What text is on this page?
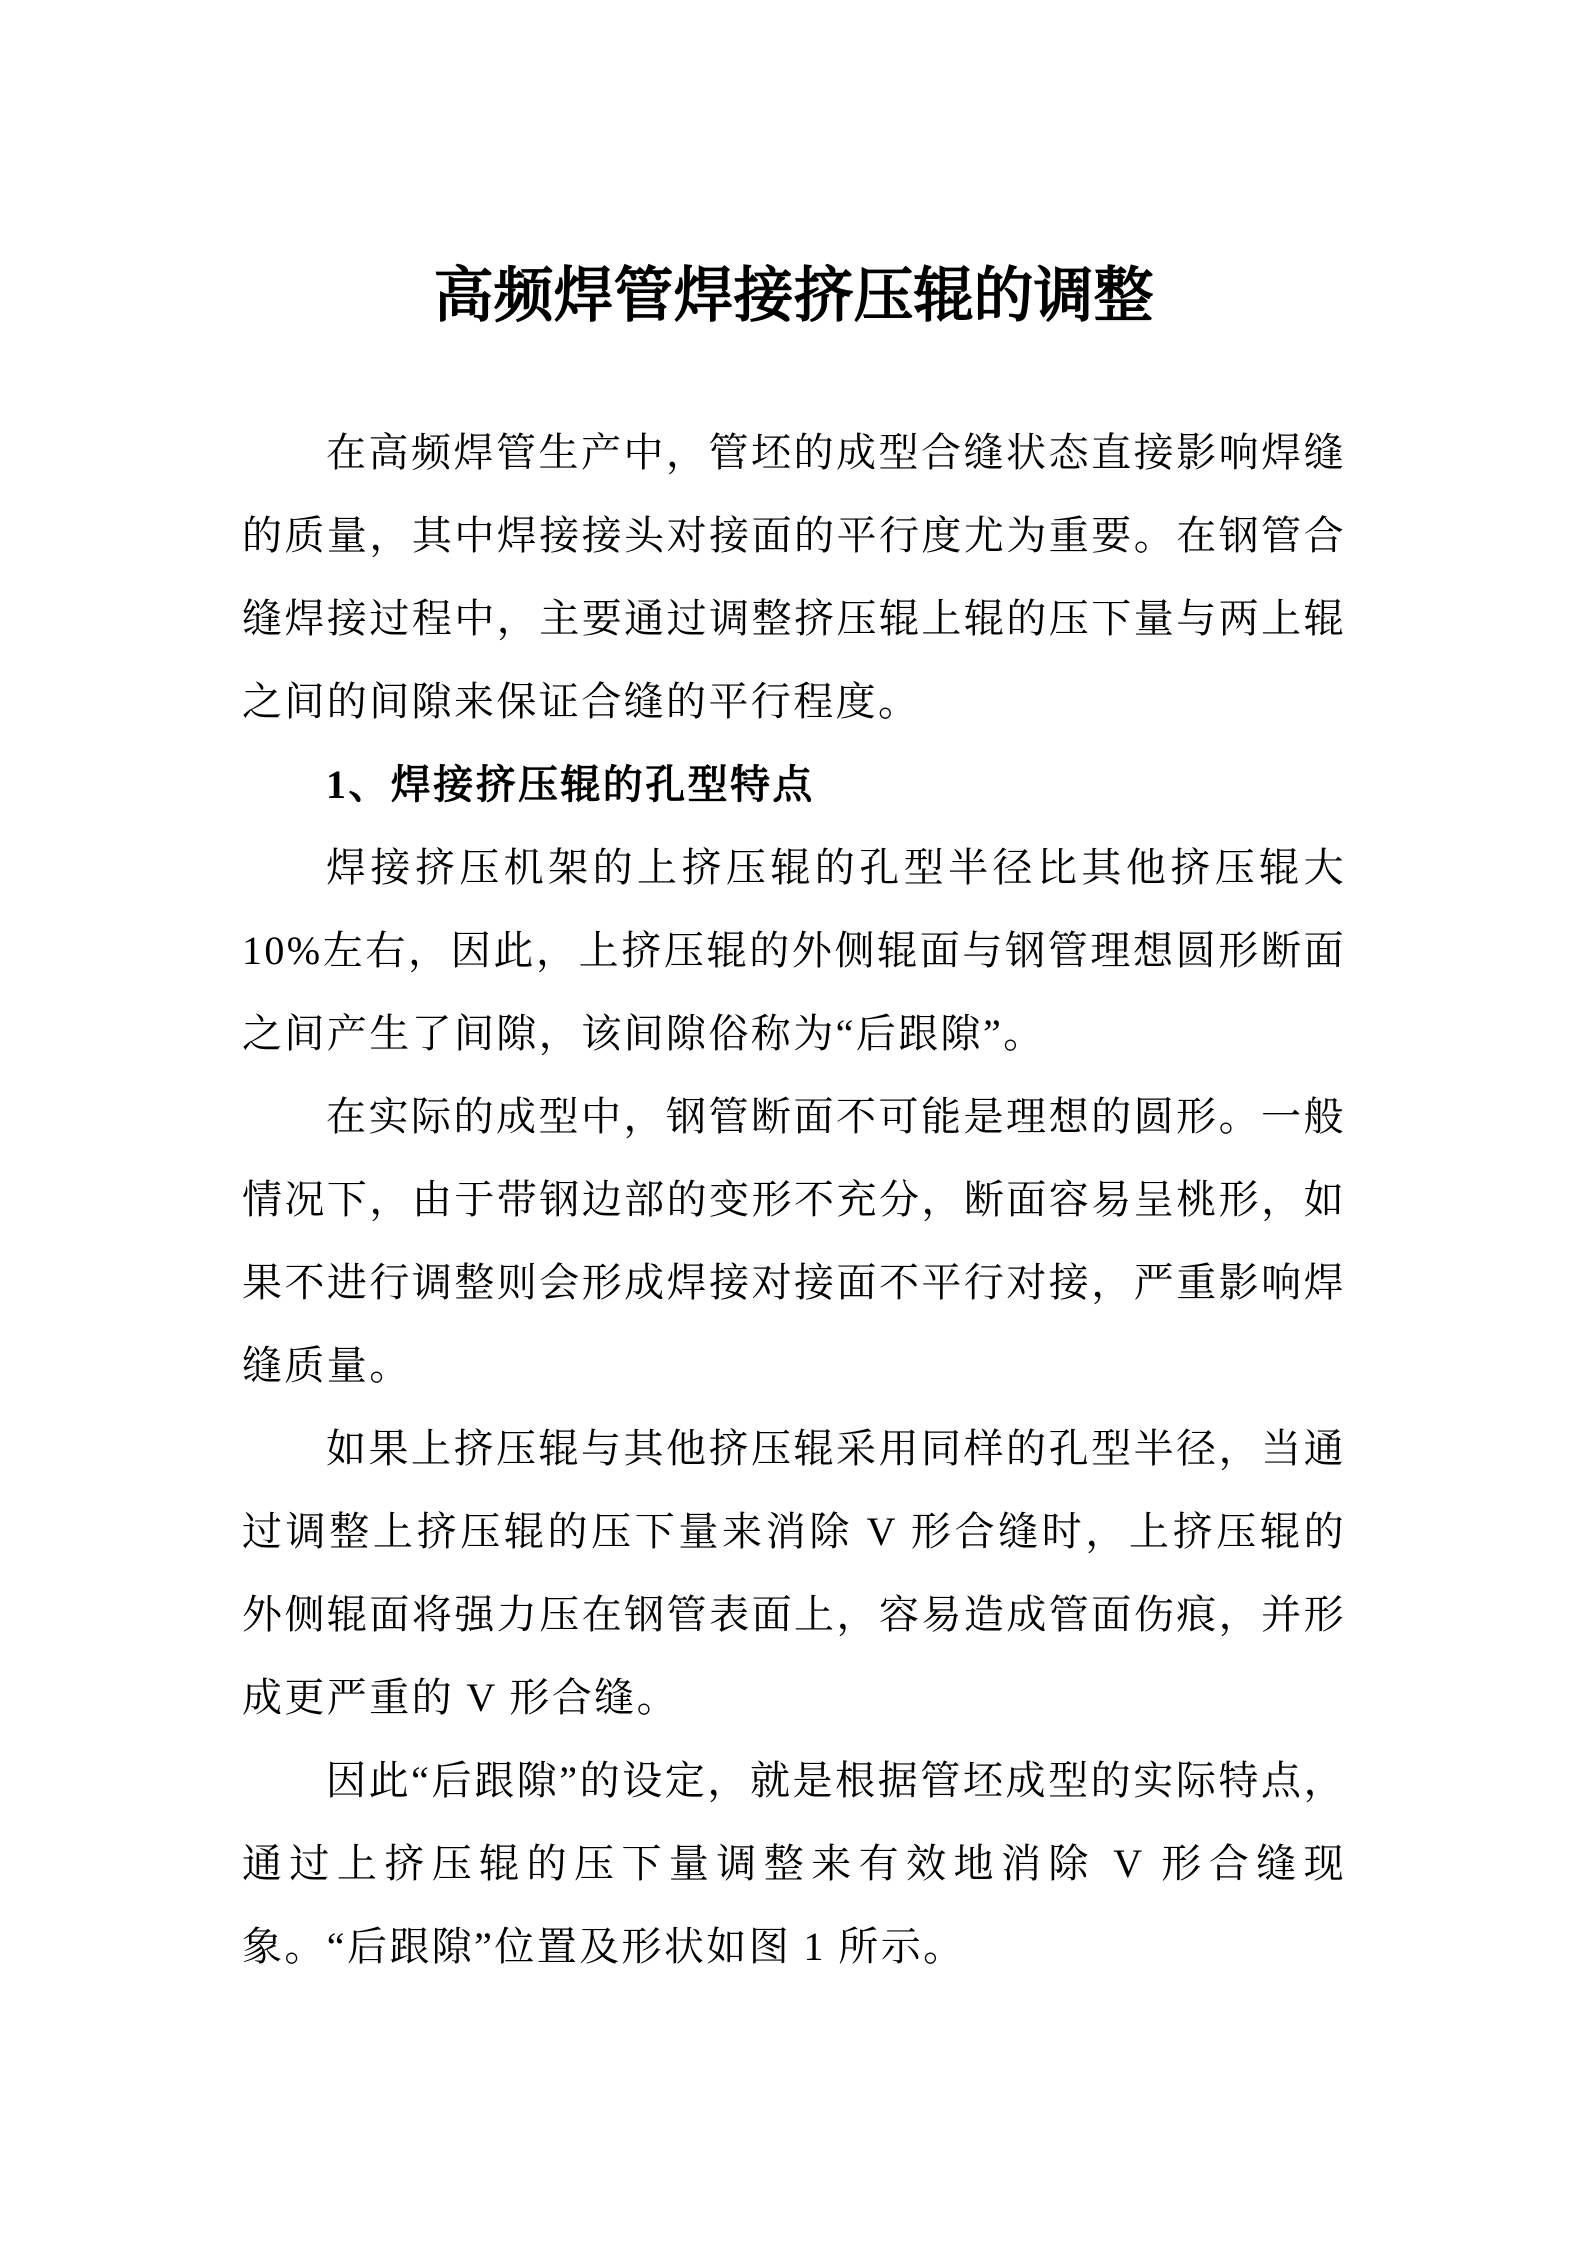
高频焊管焊接挤压辊的调整

在高频焊管生产中，管坯的成型合缝状态直接影响焊缝的质量，其中焊接接头对接面的平行度尤为重要。在钢管合缝焊接过程中，主要通过调整挤压辊上辊的压下量与两上辊之间的间隙来保证合缝的平行程度。

1、焊接挤压辊的孔型特点

焊接挤压机架的上挤压辊的孔型半径比其他挤压辊大10%左右，因此，上挤压辊的外侧辊面与钢管理想圆形断面之间产生了间隙，该间隙俗称为“后跟隙”。

在实际的成型中，钢管断面不可能是理想的圆形。一般情况下，由于带钢边部的变形不充分，断面容易呈桃形，如果不进行调整则会形成焊接对接面不平行对接，严重影响焊缝质量。

如果上挤压辊与其他挤压辊采用同样的孔型半径，当通过调整上挤压辊的压下量来消除 V 形合缝时，上挤压辊的外侧辊面将强力压在钢管表面上，容易造成管面伤痕，并形成更严重的 V 形合缝。

因此“后跟隙”的设定，就是根据管坯成型的实际特点，通过上挤压辊的压下量调整来有效地消除 V 形合缝现象。“后跟隙”位置及形状如图 1 所示。
